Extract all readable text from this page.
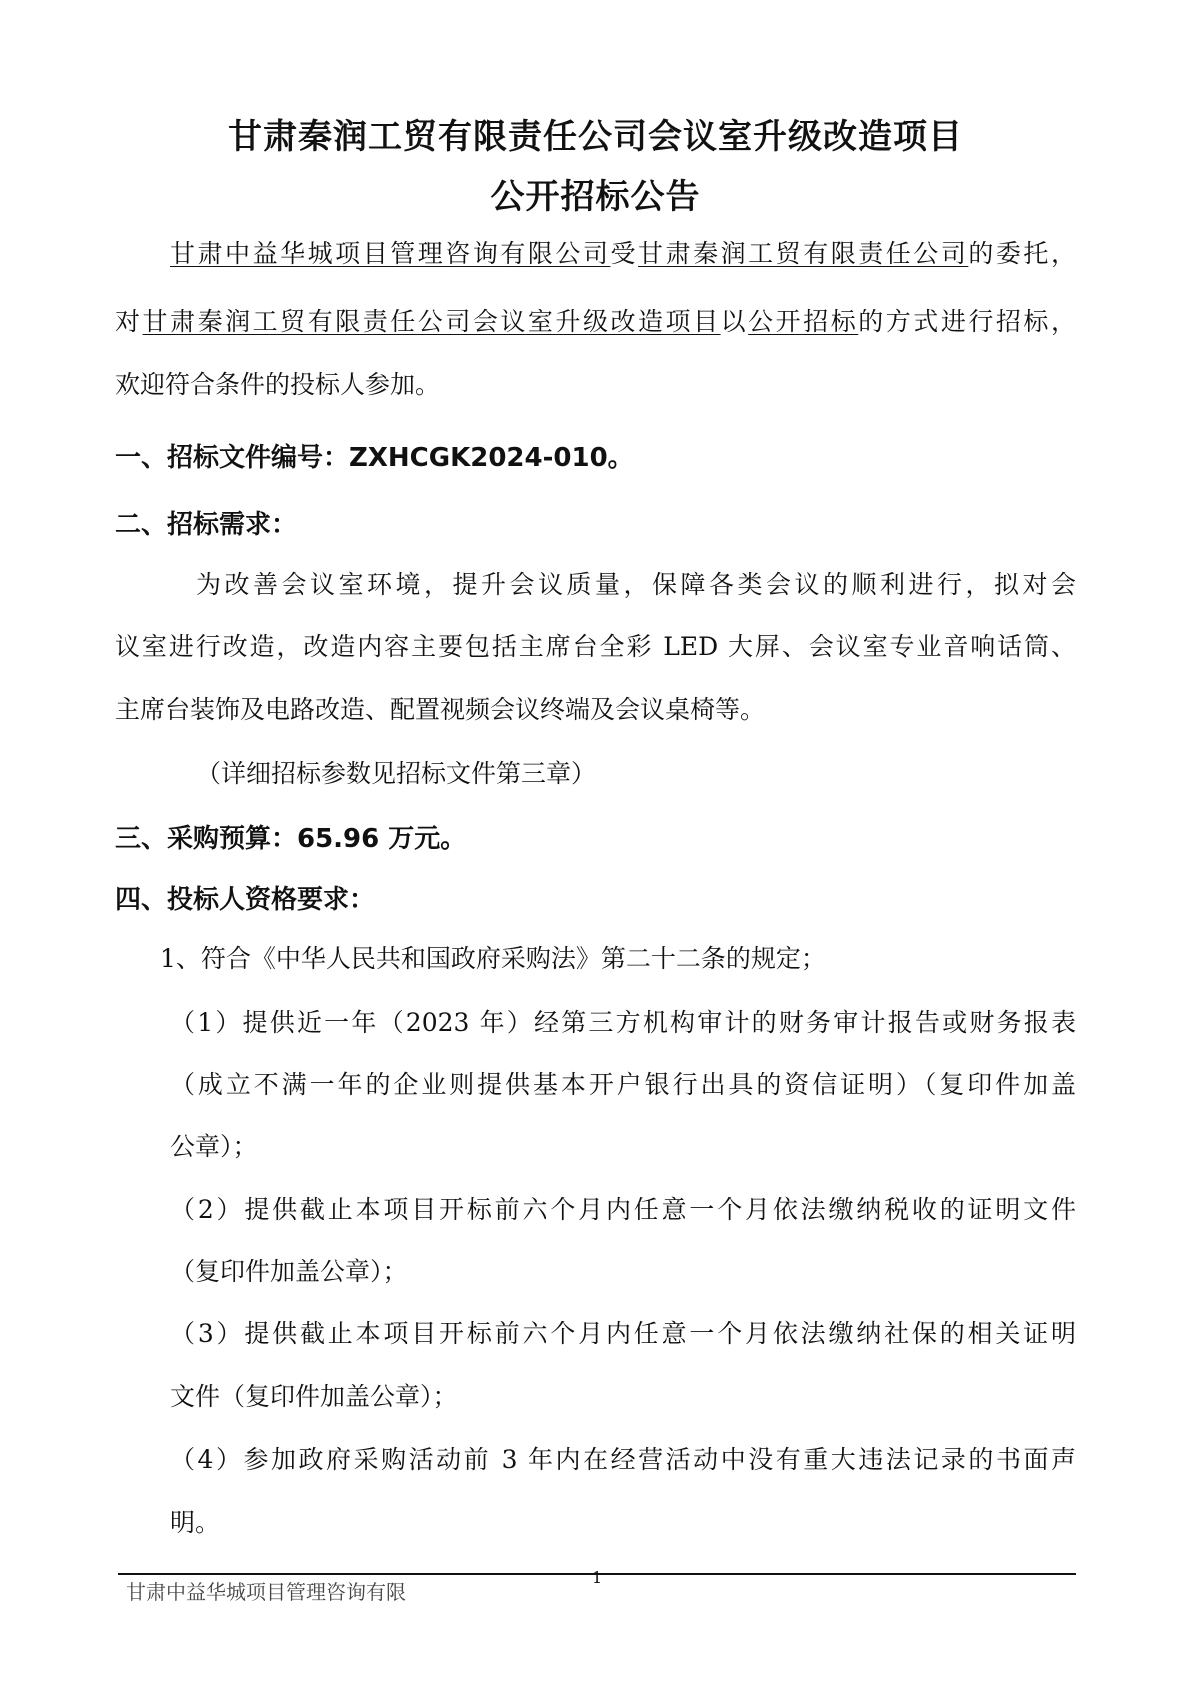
甘肃秦润工贸有限责任公司会议室升级改造项目
公开招标公告
甘肃中益华城项目管理咨询有限公司受甘肃秦润工贸有限责任公司的委托，
对甘肃秦润工贸有限责任公司会议室升级改造项目以公开招标的方式进行招标，
欢迎符合条件的投标人参加。
一、招标文件编号：ZXHCGK2024-010。
二、招标需求：
为改善会议室环境，提升会议质量，保障各类会议的顺利进行，拟对会
议室进行改造，改造内容主要包括主席台全彩 LED 大屏、会议室专业音响话筒、
主席台装饰及电路改造、配置视频会议终端及会议桌椅等。
（详细招标参数见招标文件第三章）
三、采购预算：65.96 万元。
四、投标人资格要求：
1、符合《中华人民共和国政府采购法》第二十二条的规定；
（1）提供近一年（2023 年）经第三方机构审计的财务审计报告或财务报表
（成立不满一年的企业则提供基本开户银行出具的资信证明）（复印件加盖
公章）；
（2）提供截止本项目开标前六个月内任意一个月依法缴纳税收的证明文件
（复印件加盖公章）；
（3）提供截止本项目开标前六个月内任意一个月依法缴纳社保的相关证明
文件（复印件加盖公章）；
（4）参加政府采购活动前 3 年内在经营活动中没有重大违法记录的书面声
明。
1
甘肃中益华城项目管理咨询有限
